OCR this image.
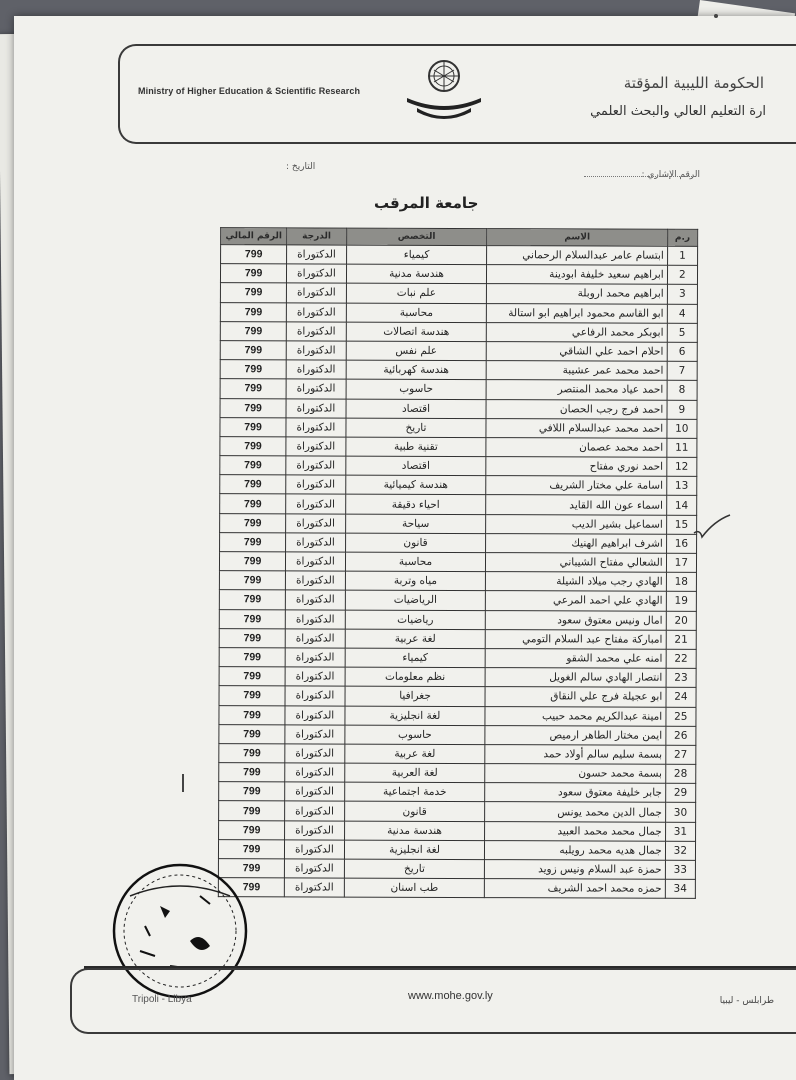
Ministry of Higher Education & Scientific Research	الحكومة الليبية المؤقتة
ارة التعليم العالي والبحث العلمي
الرقم الإشاري :
التاريخ :
جامعة المرقب
الرقم المالي	الدرجة	التخصص	الاسم	ر.م
799	الدكتوراة	كيمياء	ابتسام عامر عبدالسلام الرحماني	1
799	الدكتوراة	هندسة مدنية	ابراهيم سعيد خليفة ابودينة	2
799	الدكتوراة	علم نبات	ابراهيم محمد اروبلة	3
799	الدكتوراة	محاسبة	ابو القاسم محمود ابراهيم ابو استالة	4
799	الدكتوراة	هندسة اتصالات	ابوبكر محمد الرفاعي	5
799	الدكتوراة	علم نفس	احلام احمد علي الشاقي	6
799	الدكتوراة	هندسة كهربائية	احمد محمد عمر عشيبة	7
799	الدكتوراة	حاسوب	احمد عياد محمد المنتصر	8
799	الدكتوراة	اقتصاد	احمد فرج رجب الحصان	9
799	الدكتوراة	تاريخ	احمد محمد عبدالسلام اللافي	10
799	الدكتوراة	تقنية طبية	احمد محمد عصمان	11
799	الدكتوراة	اقتصاد	احمد نوري مفتاح	12
799	الدكتوراة	هندسة كيميائية	اسامة علي مختار الشريف	13
799	الدكتوراة	احياء دقيقة	اسماء عون الله القايد	14
799	الدكتوراة	سياحة	اسماعيل بشير الديب	15
799	الدكتوراة	قانون	اشرف ابراهيم الهنيك	16
799	الدكتوراة	محاسبة	الشعالي مفتاح الشيباني	17
799	الدكتوراة	مياه وتربة	الهادي رجب ميلاد الشيلة	18
799	الدكتوراة	الرياضيات	الهادي علي احمد المرعي	19
799	الدكتوراة	رياضيات	امال ونيس معتوق سعود	20
799	الدكتوراة	لغة عربية	امباركة مفتاح عبد السلام التومي	21
799	الدكتوراة	كيمياء	امنه علي محمد الشقو	22
799	الدكتوراة	نظم معلومات	انتصار الهادي سالم الغويل	23
799	الدكتوراة	جغرافيا	ابو عجيلة فرج علي النقاق	24
799	الدكتوراة	لغة انجليزية	امينة عبدالكريم محمد حبيب	25
799	الدكتوراة	حاسوب	ايمن مختار الطاهر ارميص	26
799	الدكتوراة	لغة عربية	بسمة سليم سالم أولاد حمد	27
799	الدكتوراة	لغة العربية	بسمة محمد حسون	28
799	الدكتوراة	خدمة اجتماعية	جابر خليفة معتوق سعود	29
799	الدكتوراة	قانون	جمال الدين محمد يونس	30
799	الدكتوراة	هندسة مدنية	جمال محمد محمد العبيد	31
799	الدكتوراة	لغة انجليزية	جمال هديه محمد رويلبه	32
799	الدكتوراة	تاريخ	حمزة عبد السلام ونيس زويد	33
799	الدكتوراة	طب اسنان	حمزه محمد احمد الشريف	34
Tripoli - Libya	www.mohe.gov.ly	طرابلس - ليبيا
